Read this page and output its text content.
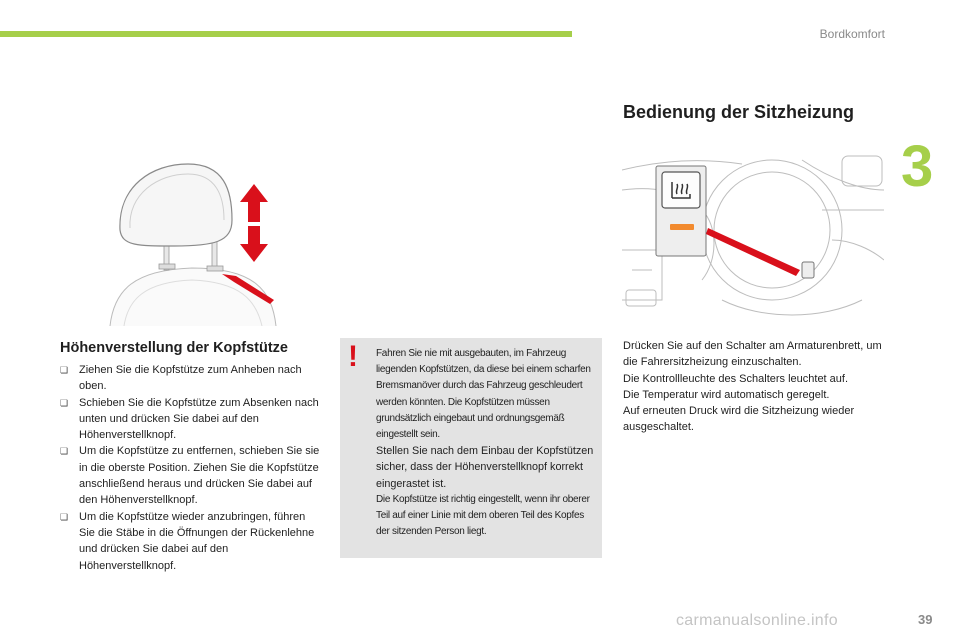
Bordkomfort
3
Bedienung der Sitzheizung
Höhenverstellung der Kopfstütze
❏ Ziehen Sie die Kopfstütze zum Anheben nach oben.
❏ Schieben Sie die Kopfstütze zum Absenken nach unten und drücken Sie dabei auf den Höhenverstellknopf.
❏ Um die Kopfstütze zu entfernen, schieben Sie sie in die oberste Position. Ziehen Sie die Kopfstütze anschließend heraus und drücken Sie dabei auf den Höhenverstellknopf.
❏ Um die Kopfstütze wieder anzubringen, führen Sie die Stäbe in die Öffnungen der Rückenlehne und drücken Sie dabei auf den Höhenverstellknopf.
! Fahren Sie nie mit ausgebauten, im Fahrzeug liegenden Kopfstützen, da diese bei einem scharfen Bremsmanöver durch das Fahrzeug geschleudert werden könnten. Die Kopfstützen müssen grundsätzlich eingebaut und ordnungsgemäß eingestellt sein.
Stellen Sie nach dem Einbau der Kopfstützen sicher, dass der Höhenverstellknopf korrekt eingerastet ist.
Die Kopfstütze ist richtig eingestellt, wenn ihr oberer Teil auf einer Linie mit dem oberen Teil des Kopfes der sitzenden Person liegt.
Drücken Sie auf den Schalter am Armaturenbrett, um die Fahrersitzheizung einzuschalten.
Die Kontrollleuchte des Schalters leuchtet auf.
Die Temperatur wird automatisch geregelt.
Auf erneuten Druck wird die Sitzheizung wieder ausgeschaltet.
carmanualsonline.info	39
